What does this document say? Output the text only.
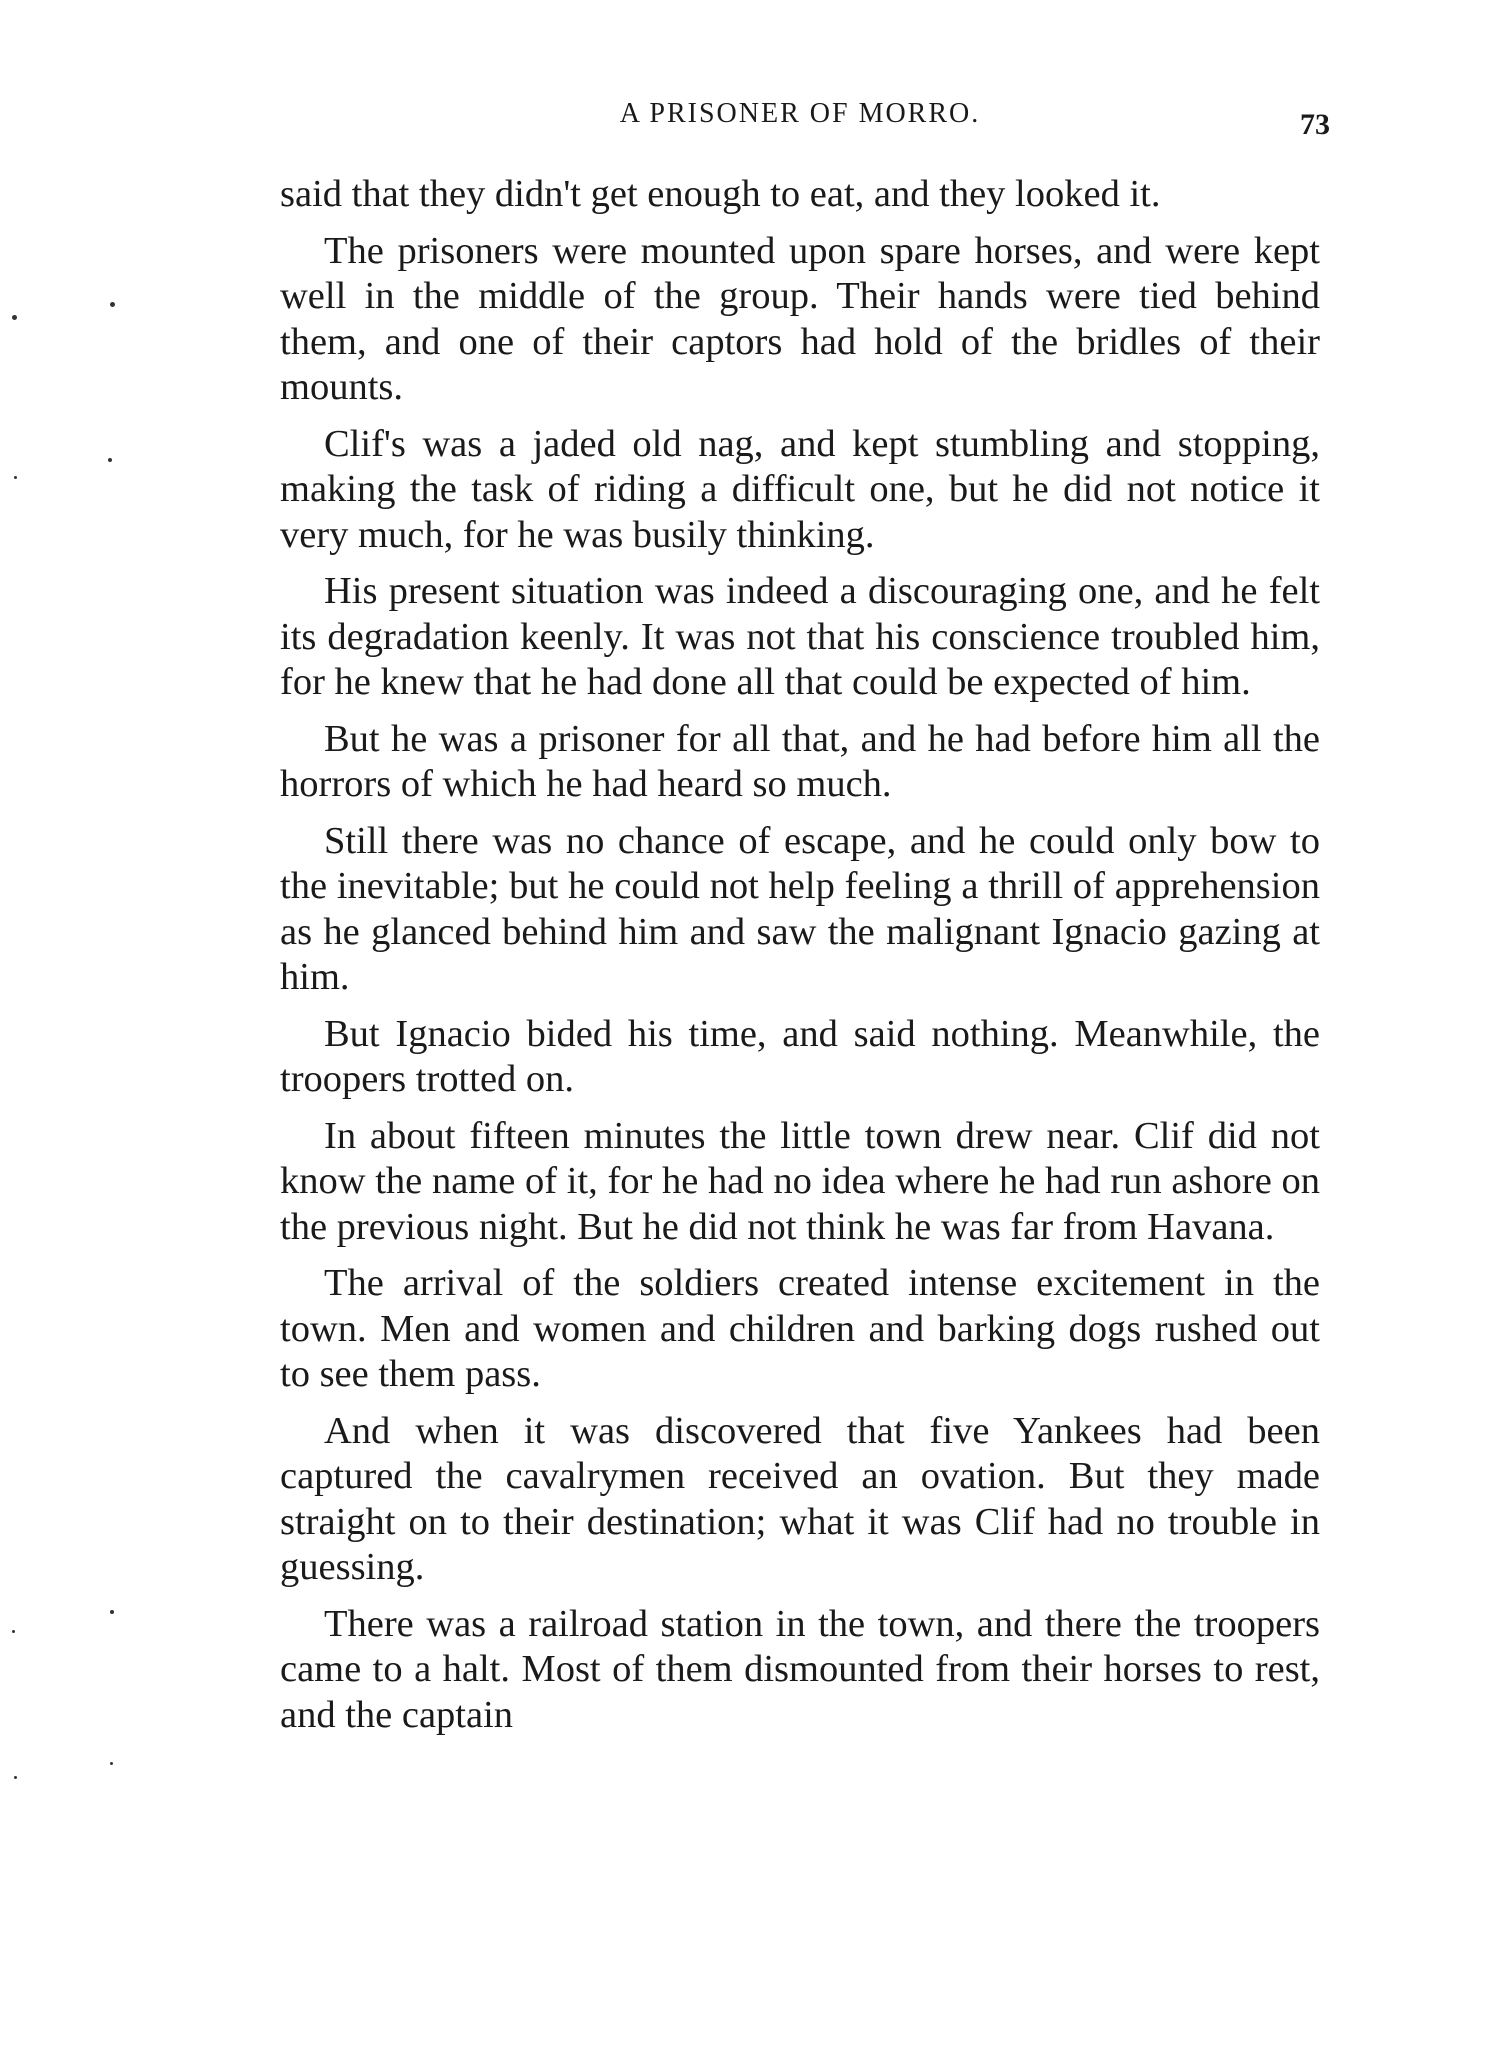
A PRISONER OF MORRO.	73

said that they didn't get enough to eat, and they looked it.

The prisoners were mounted upon spare horses, and were kept well in the middle of the group. Their hands were tied behind them, and one of their captors had hold of the bridles of their mounts.

Clif's was a jaded old nag, and kept stumbling and stopping, making the task of riding a difficult one, but he did not notice it very much, for he was busily thinking.

His present situation was indeed a discouraging one, and he felt its degradation keenly. It was not that his conscience troubled him, for he knew that he had done all that could be expected of him.

But he was a prisoner for all that, and he had before him all the horrors of which he had heard so much.

Still there was no chance of escape, and he could only bow to the inevitable; but he could not help feeling a thrill of apprehension as he glanced behind him and saw the malignant Ignacio gazing at him.

But Ignacio bided his time, and said nothing. Meanwhile, the troopers trotted on.

In about fifteen minutes the little town drew near. Clif did not know the name of it, for he had no idea where he had run ashore on the previous night. But he did not think he was far from Havana.

The arrival of the soldiers created intense excitement in the town. Men and women and children and barking dogs rushed out to see them pass.

And when it was discovered that five Yankees had been captured the cavalrymen received an ovation. But they made straight on to their destination; what it was Clif had no trouble in guessing.

There was a railroad station in the town, and there the troopers came to a halt. Most of them dismounted from their horses to rest, and the captain
